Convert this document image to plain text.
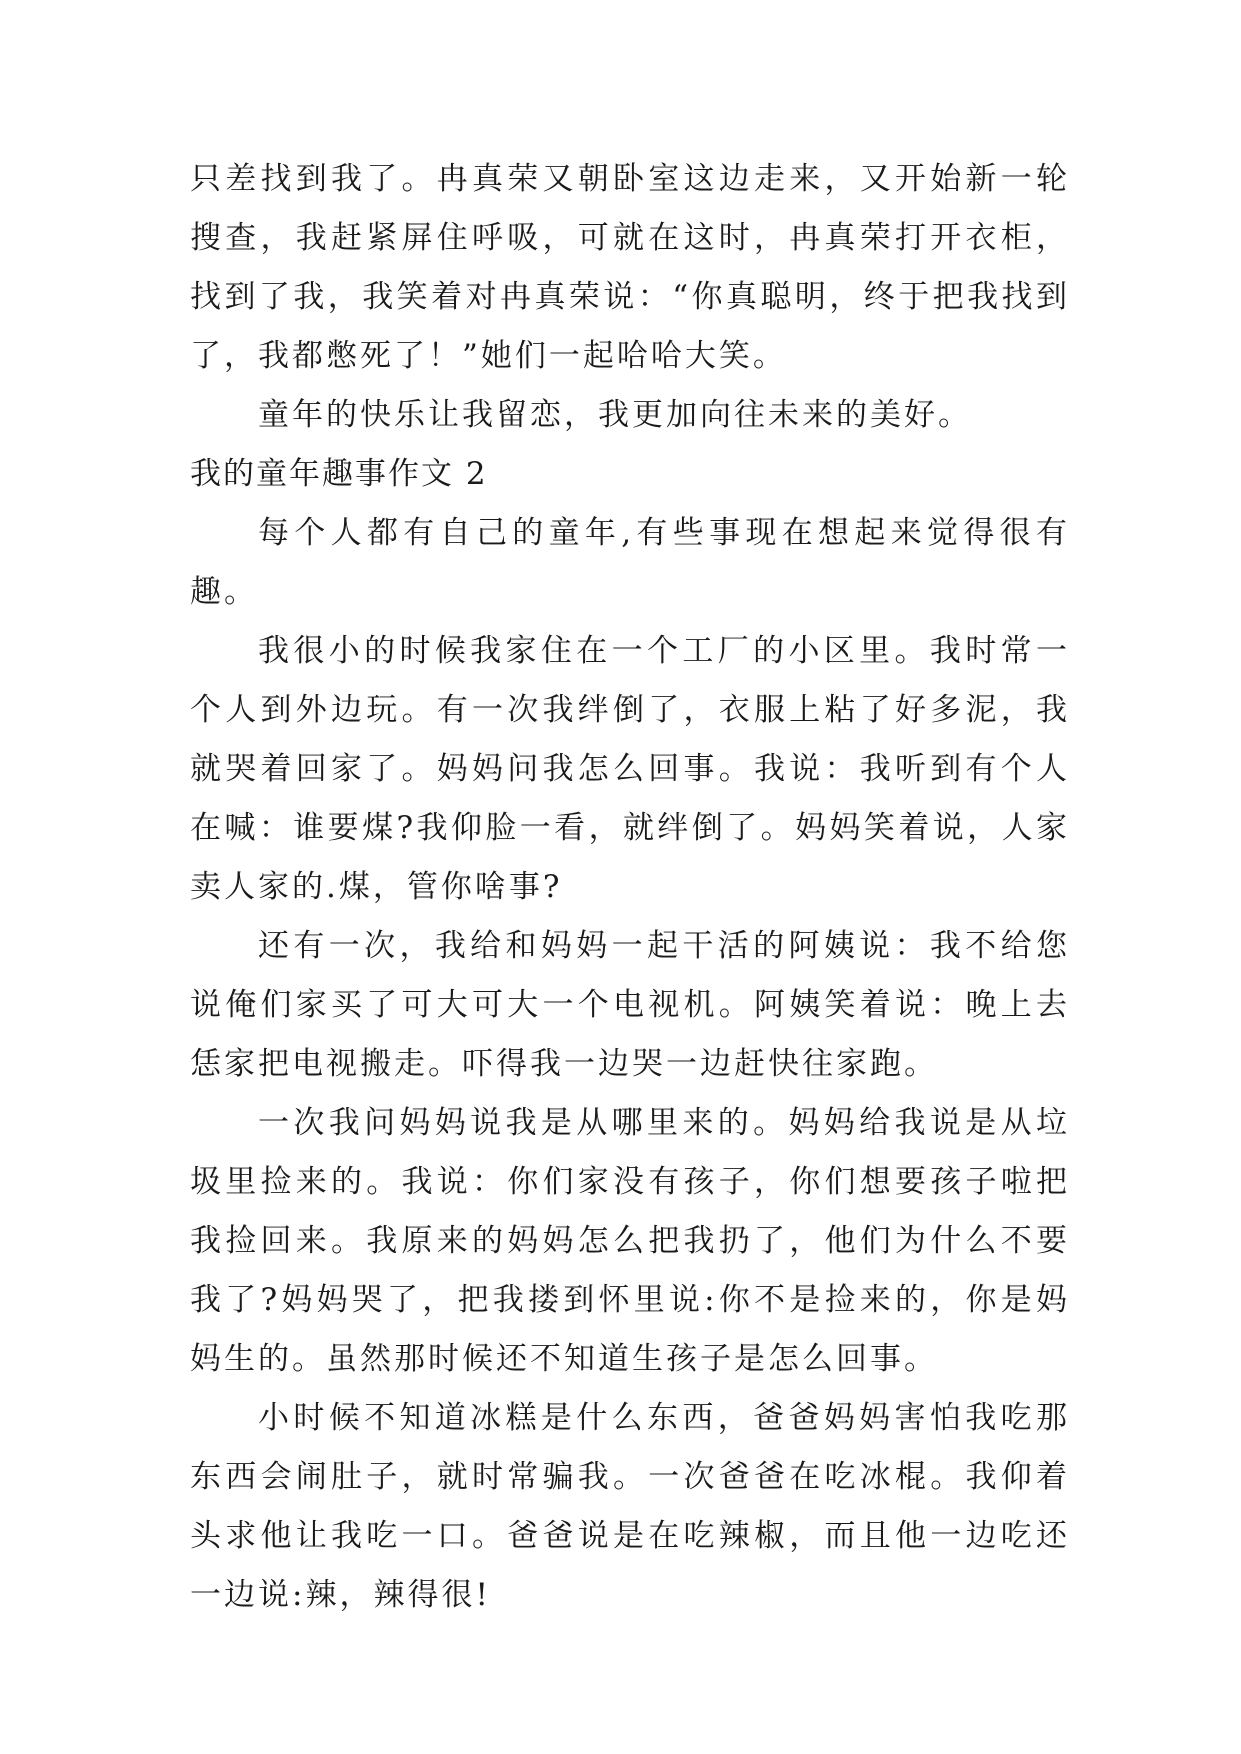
只差找到我了。冉真荣又朝卧室这边走来，又开始新一轮搜查，我赶紧屏住呼吸，可就在这时，冉真荣打开衣柜，找到了我，我笑着对冉真荣说：“你真聪明，终于把我找到了，我都憋死了！”她们一起哈哈大笑。

童年的快乐让我留恋，我更加向往未来的美好。

我的童年趣事作文 2

每个人都有自己的童年,有些事现在想起来觉得很有趣。

我很小的时候我家住在一个工厂的小区里。我时常一个人到外边玩。有一次我绊倒了，衣服上粘了好多泥，我就哭着回家了。妈妈问我怎么回事。我说：我听到有个人在喊：谁要煤?我仰脸一看，就绊倒了。妈妈笑着说，人家卖人家的.煤，管你啥事?

还有一次，我给和妈妈一起干活的阿姨说：我不给您说俺们家买了可大可大一个电视机。阿姨笑着说：晚上去恁家把电视搬走。吓得我一边哭一边赶快往家跑。

一次我问妈妈说我是从哪里来的。妈妈给我说是从垃圾里捡来的。我说：你们家没有孩子，你们想要孩子啦把我捡回来。我原来的妈妈怎么把我扔了，他们为什么不要我了?妈妈哭了，把我搂到怀里说:你不是捡来的，你是妈妈生的。虽然那时候还不知道生孩子是怎么回事。

小时候不知道冰糕是什么东西，爸爸妈妈害怕我吃那东西会闹肚子，就时常骗我。一次爸爸在吃冰棍。我仰着头求他让我吃一口。爸爸说是在吃辣椒，而且他一边吃还一边说:辣，辣得很!
